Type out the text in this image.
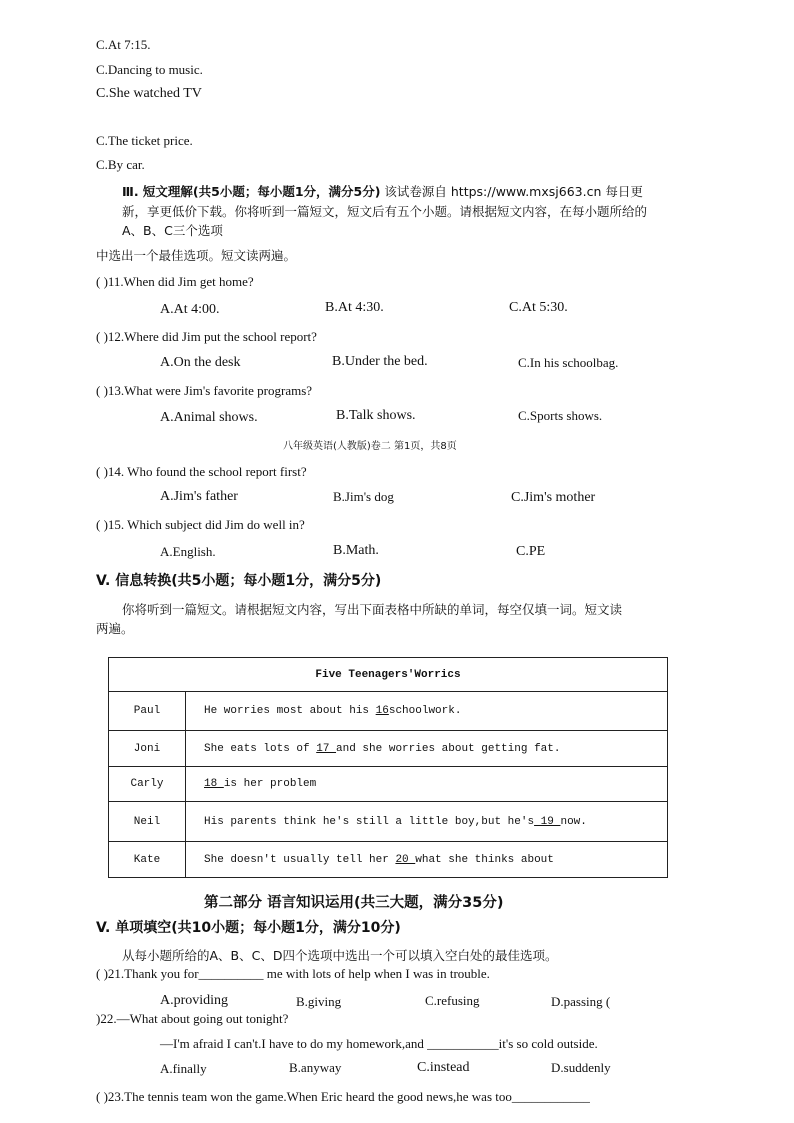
C.At 7:15.
C.Dancing to music.
C.She watched TV
C.The ticket price.
C.By car.
Ⅲ. 短文理解(共5小题；每小题1分，满分5分) 该试卷源自 https://www.mxsj663.cn 每日更
新，享更低价下载。你将听到一篇短文，短文后有五个小题。请根据短文内容，在每小题所给的
A、B、C三个选项
中选出一个最佳选项。短文读两遍。
( )11.When did Jim get home?
A.At 4:00.	B.At 4:30.	C.At 5:30.
( )12.Where did Jim put the school report?
A.On the desk	B.Under the bed.	C.In his schoolbag.
( )13.What were Jim's favorite programs?
A.Animal shows.	B.Talk shows.	C.Sports shows.
八年级英语(人教版)卷二 第1页，共8页
( )14. Who found the school report first?
A.Jim's father	B.Jim's dog	C.Jim's mother
( )15. Which subject did Jim do well in?
A.English.	B.Math.	C.PE
V. 信息转换(共5小题；每小题1分，满分5分)
你将听到一篇短文。请根据短文内容，写出下面表格中所缺的单词，每空仅填一词。短文读
两遍。
Five Teenagers'Worrics	
Paul	He worries most about his 16schoolwork.
Joni	She eats lots of 17 and she worries about getting fat.
Carly	18 is her problem
Neil	His parents think he's still a little boy,but he's 19 now.
Kate	She doesn't usually tell her 20 what she thinks about
第二部分 语言知识运用(共三大题，满分35分)
V. 单项填空(共10小题；每小题1分，满分10分)
从每小题所给的A、B、C、D四个选项中选出一个可以填入空白处的最佳选项。
( )21.Thank you for__________ me with lots of help when I was in trouble.
A.providing	B.giving	C.refusing	D.passing (
)22.—What about going out tonight?
—I'm afraid I can't.I have to do my homework,and ___________it's so cold outside.
A.finally	B.anyway	C.instead	D.suddenly
( )23.The tennis team won the game.When Eric heard the good news,he was too____________
